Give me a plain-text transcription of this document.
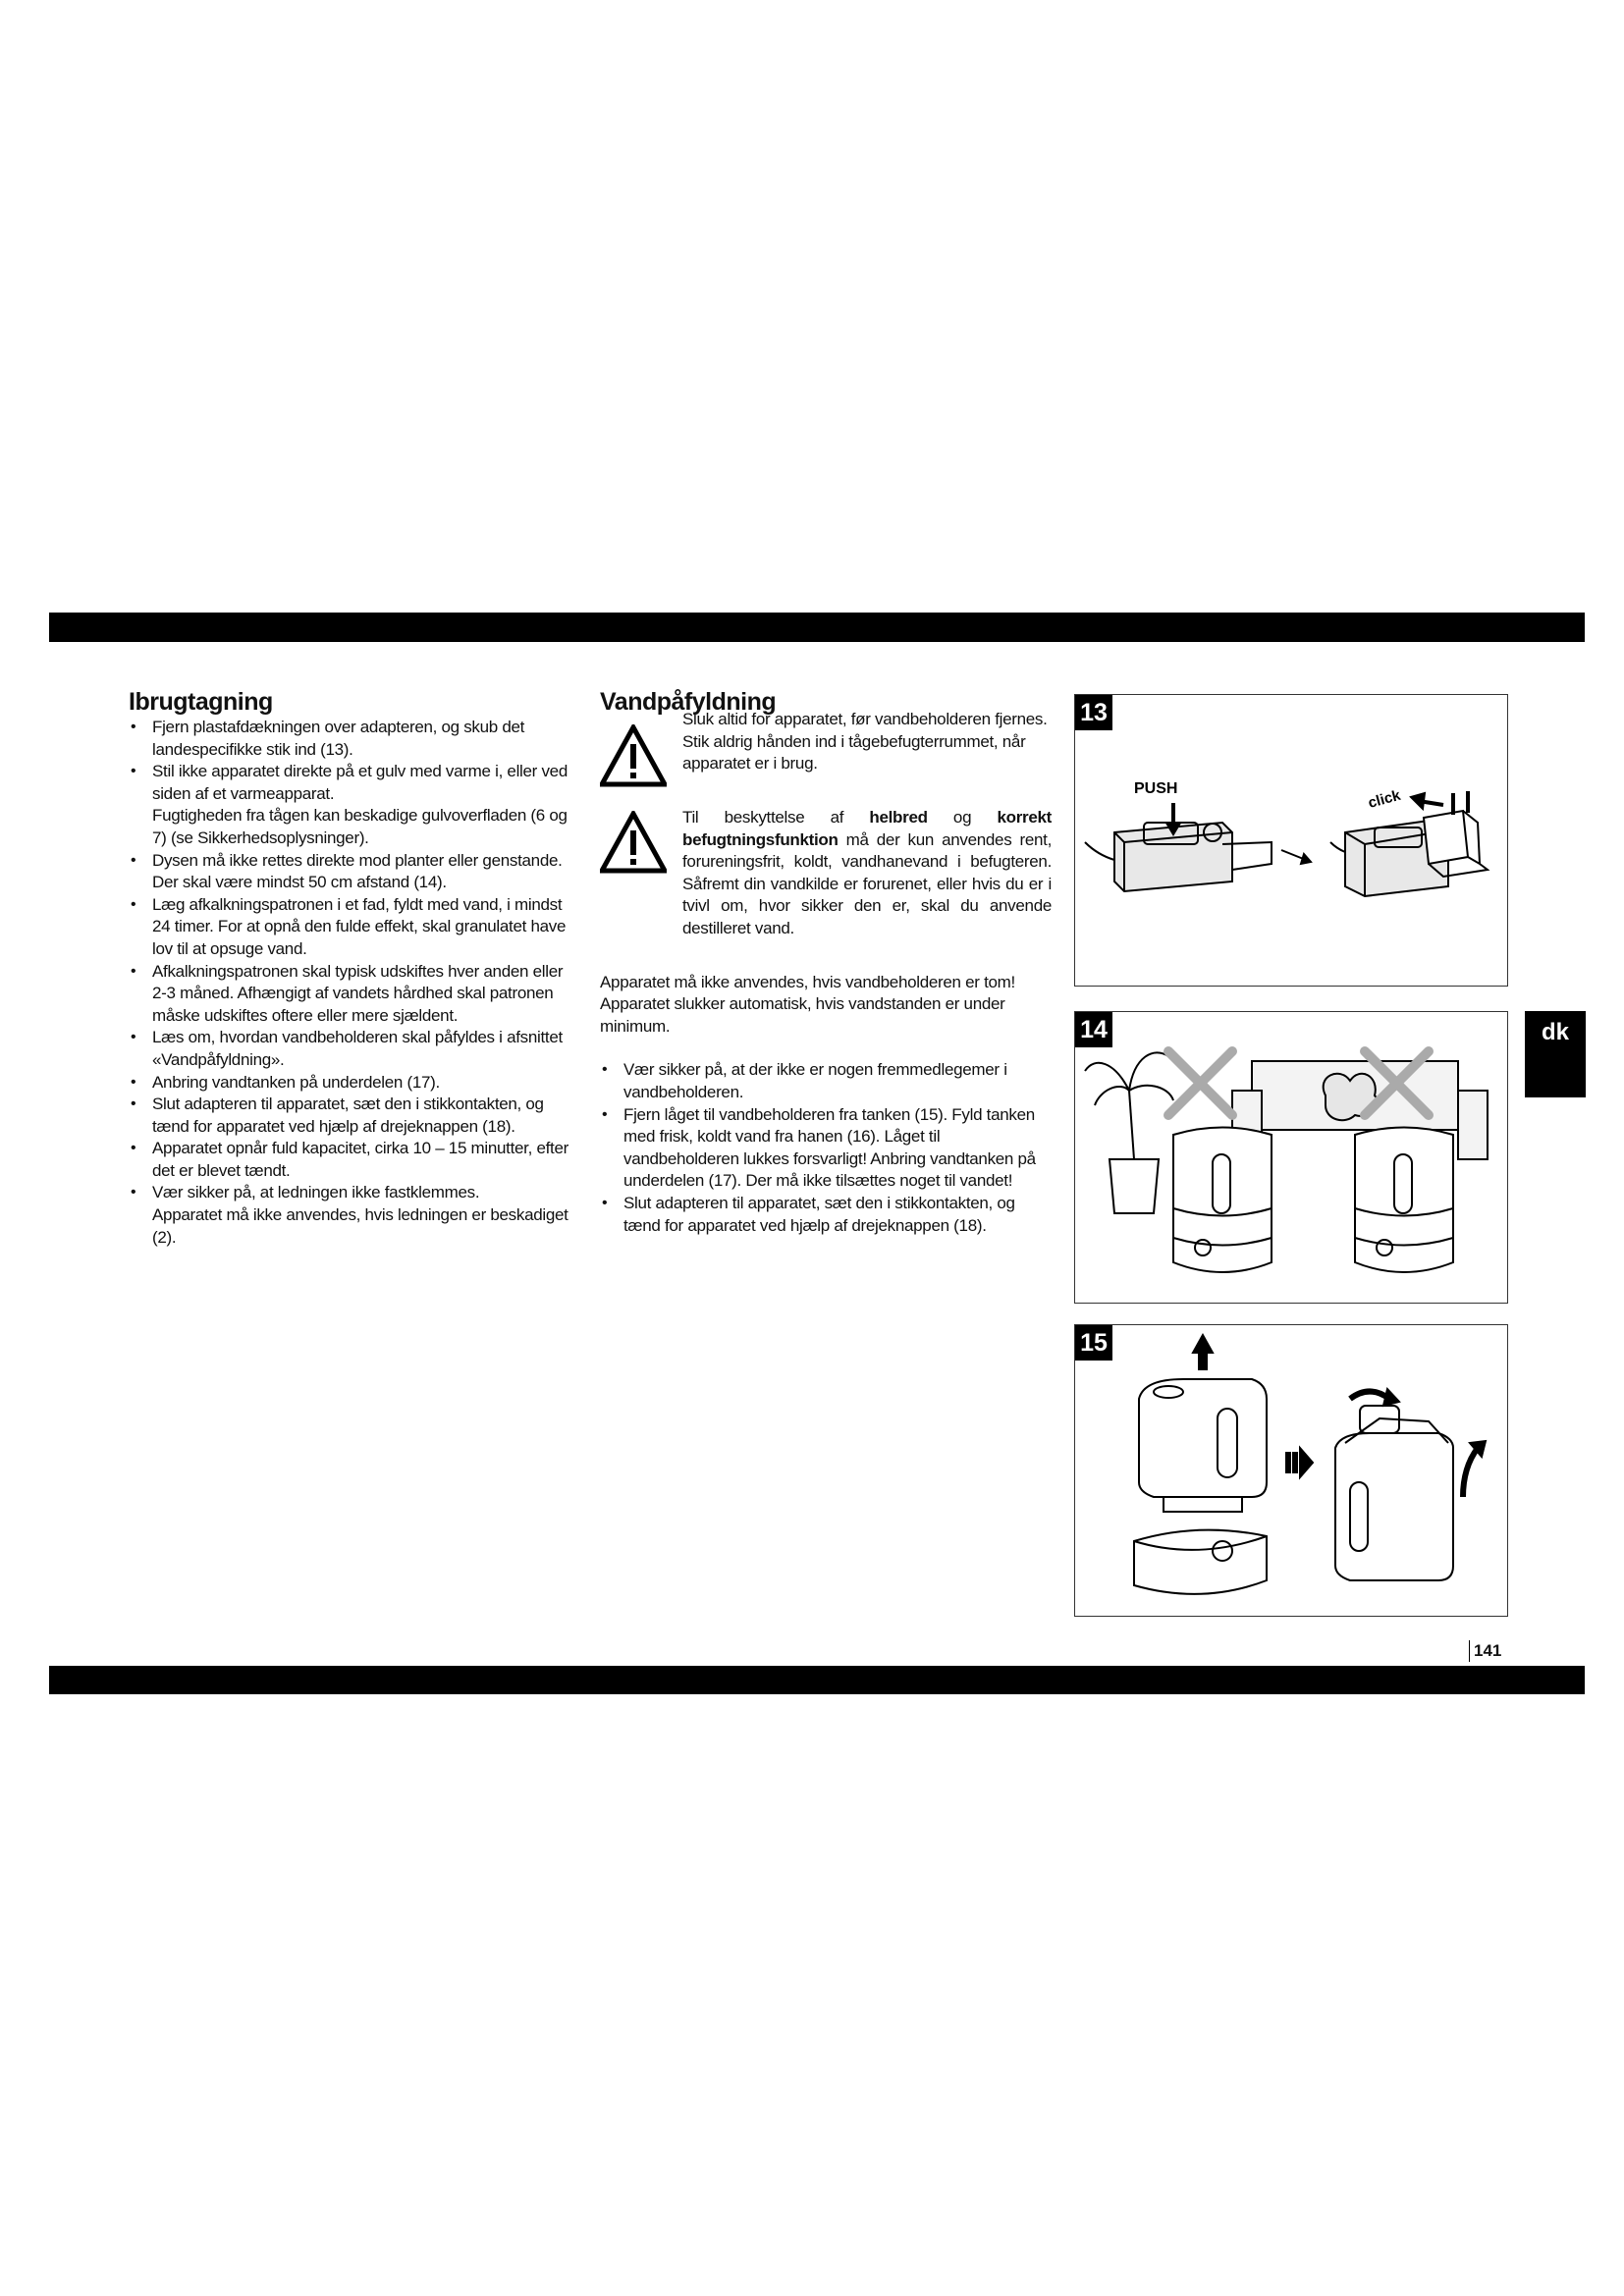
Ibrugtagning
• Fjern plastafdækningen over adapteren, og skub det landespecifikke stik ind (13).
• Stil ikke apparatet direkte på et gulv med varme i, eller ved siden af et varmeapparat.

Fugtigheden fra tågen kan beskadige gulvoverfladen (6 og 7) (se Sikkerhedsoplysninger).

• Dysen må ikke rettes direkte mod planter eller genstande. Der skal være mindst 50 cm afstand (14).
• Læg afkalkningspatronen i et fad, fyldt med vand, i mindst 24 timer. For at opnå den fulde effekt, skal granulatet have lov til at opsuge vand.
• Afkalkningspatronen skal typisk udskiftes hver anden eller 2-3 måned. Afhængigt af vandets hårdhed skal patronen måske udskiftes oftere eller mere sjældent.
• Læs om, hvordan vandbeholderen skal påfyldes i afsnittet «Vandpåfyldning».
• Anbring vandtanken på underdelen (17).
• Slut adapteren til apparatet, sæt den i stikkontakten, og tænd for apparatet ved hjælp af drejeknappen (18).
• Apparatet opnår fuld kapacitet, cirka 10 – 15 minutter, efter det er blevet tændt.
• Vær sikker på, at ledningen ikke fastklemmes.

Apparatet må ikke anvendes, hvis ledningen er beskadiget (2).

Vandpåfyldning

Sluk altid for apparatet, før vandbeholderen fjernes. Stik aldrig hånden ind i tågebefugterrummet, når apparatet er i brug.

Til beskyttelse af helbred og korrekt befugtningsfunktion må der kun anvendes rent, forureningsfrit, koldt, vandhanevand i befugteren. Såfremt din vandkilde er forurenet, eller hvis du er i tvivl om, hvor sikker den er, skal du anvende destilleret vand.

Apparatet må ikke anvendes, hvis vandbeholderen er tom! Apparatet slukker automatisk, hvis vandstanden er under minimum.

• Vær sikker på, at der ikke er nogen fremmedlegemer i vandbeholderen.
• Fjern låget til vandbeholderen fra tanken (15). Fyld tanken med frisk, koldt vand fra hanen (16). Låget til vandbeholderen lukkes forsvarligt! Anbring vandtanken på underdelen (17). Der må ikke tilsættes noget til vandet!
• Slut adapteren til apparatet, sæt den i stikkontakten, og tænd for apparatet ved hjælp af drejeknappen (18).
PUSH	click
13
14
15
dk
141
